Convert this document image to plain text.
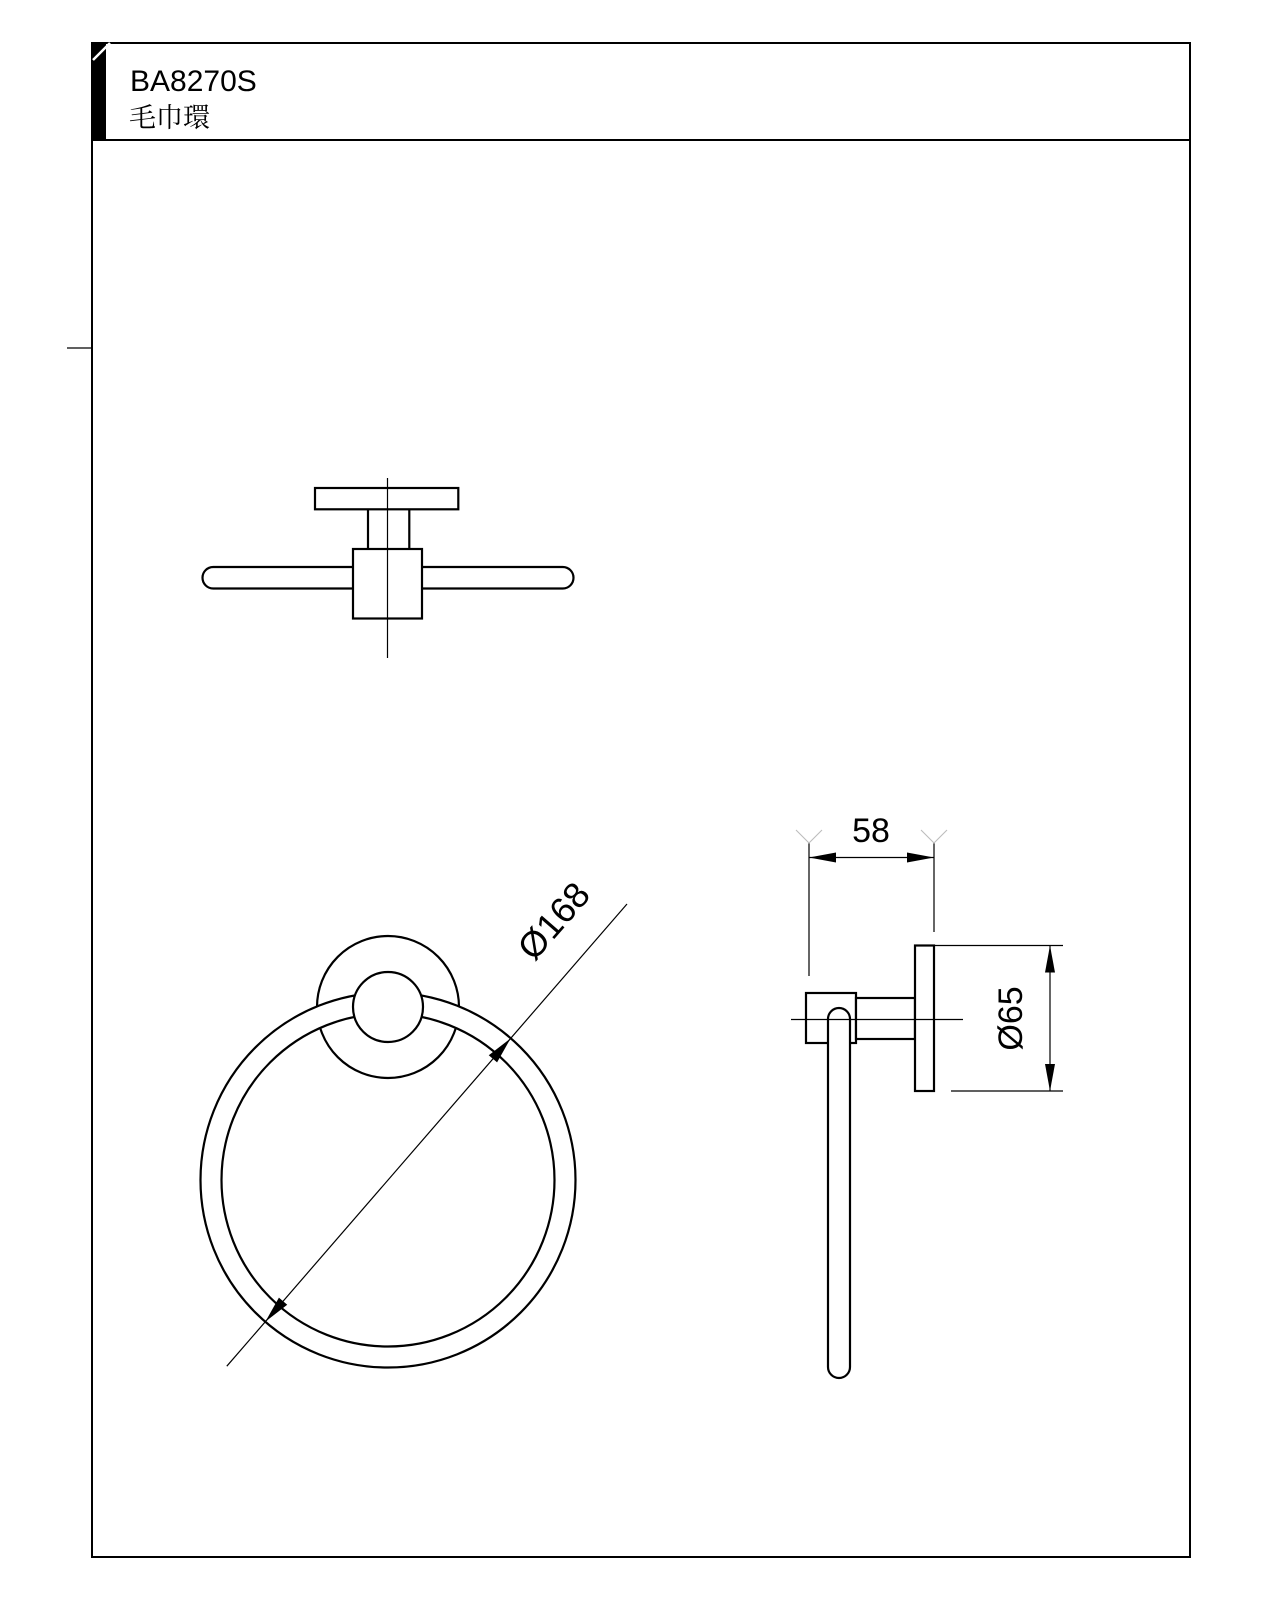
BA8270S
毛巾環
Ø168
58
Ø65
